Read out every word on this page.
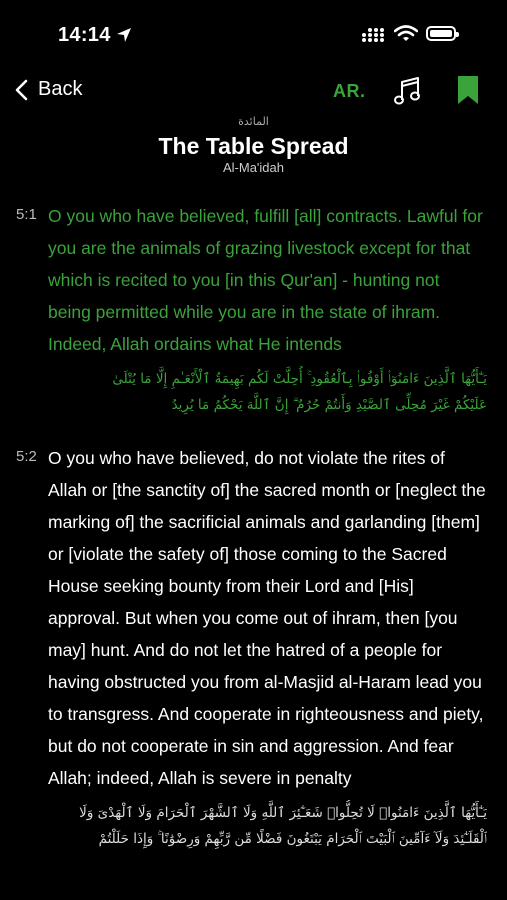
14:14
Back	AR.
المائدة
The Table Spread
Al-Ma'idah
5:1 O you who have believed, fulfill [all] contracts. Lawful for you are the animals of grazing livestock except for that which is recited to you [in this Qur'an] - hunting not being permitted while you are in the state of ihram. Indeed, Allah ordains what He intends
يَـٰٓأَيُّهَا ٱلَّذِينَ ءَامَنُوٓا۟ أَوْفُوا۟ بِٱلْعُقُودِ ۚ أُحِلَّتْ لَكُم بَهِيمَةُ ٱلْأَنْعَـٰمِ إِلَّا مَا يُتْلَىٰ
عَلَيْكُمْ غَيْرَ مُحِلِّى ٱلصَّيْدِ وَأَنتُمْ حُرُمٌ ۗ إِنَّ ٱللَّهَ يَحْكُمُ مَا يُرِيدُ
5:2 O you who have believed, do not violate the rites of Allah or [the sanctity of] the sacred month or [neglect the marking of] the sacrificial animals and garlanding [them] or [violate the safety of] those coming to the Sacred House seeking bounty from their Lord and [His] approval. But when you come out of ihram, then [you may] hunt. And do not let the hatred of a people for having obstructed you from al-Masjid al-Haram lead you to transgress. And cooperate in righteousness and piety, but do not cooperate in sin and aggression. And fear Allah; indeed, Allah is severe in penalty
يَـٰٓأَيُّهَا ٱلَّذِينَ ءَامَنُوا۟ لَا تُحِلُّوا۟ شَعَـٰٓئِرَ ٱللَّهِ وَلَا ٱلشَّهْرَ ٱلْحَرَامَ وَلَا ٱلْهَدْىَ وَلَا
ٱلْقَلَـٰٓئِدَ وَلَآ ءَآمِّينَ ٱلْبَيْتَ ٱلْحَرَامَ يَبْتَغُونَ فَضْلًا مِّن رَّبِّهِمْ وَرِضْوَٰنًا ۚ وَإِذَا حَلَلْتُمْ
